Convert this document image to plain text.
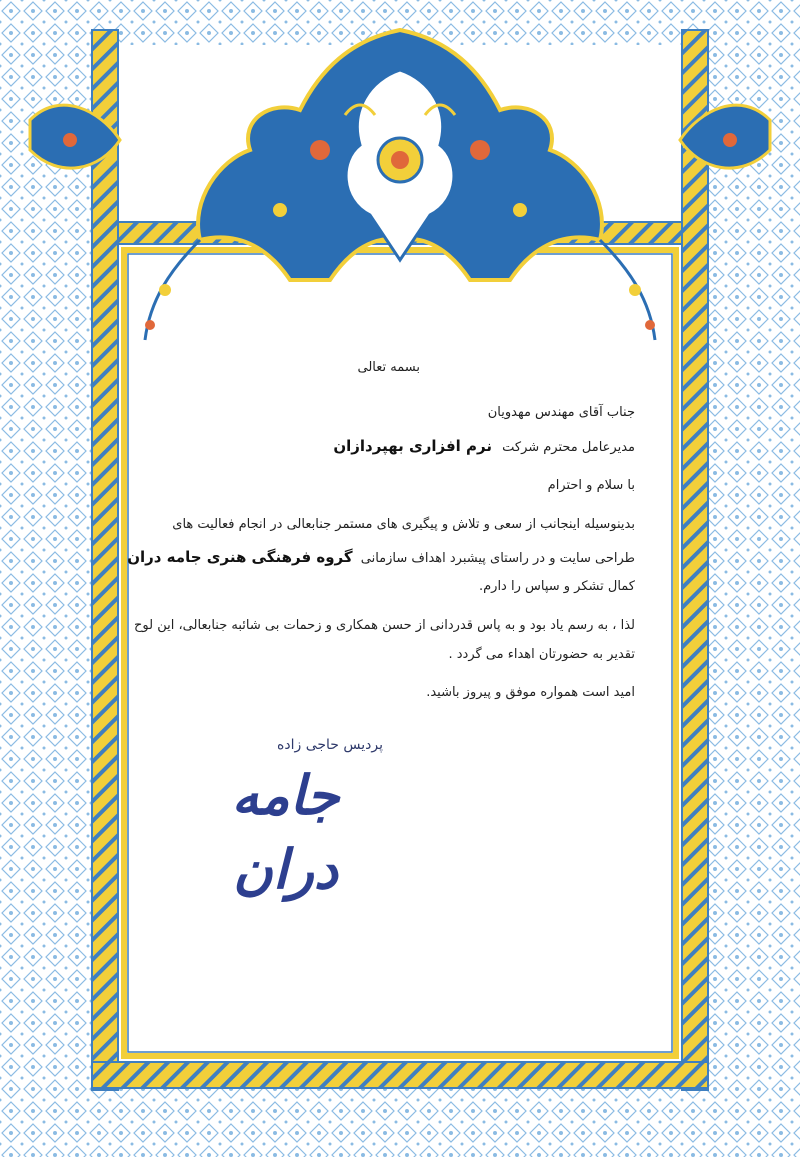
بسمه تعالی
جناب آقای مهندس مهدویان
مدیرعامل محترم شرکت نرم افزاری بهپردازان
با سلام و احترام
بدینوسیله اینجانب از سعی و تلاش و پیگیری های مستمر جنابعالی در انجام فعالیت های
طراحی سایت و در راستای پیشبرد اهداف سازمانی گروه فرهنگی هنری جامه دران
کمال تشکر و سپاس را دارم.
لذا ، به رسم یاد بود و به پاس قدردانی از حسن همکاری و زحمات بی شائبه جنابعالی، این لوح
تقدیر به حضورتان اهداء می گردد .
امید است همواره موفق و پیروز باشید.
پردیس حاجی زاده
جامه دران
